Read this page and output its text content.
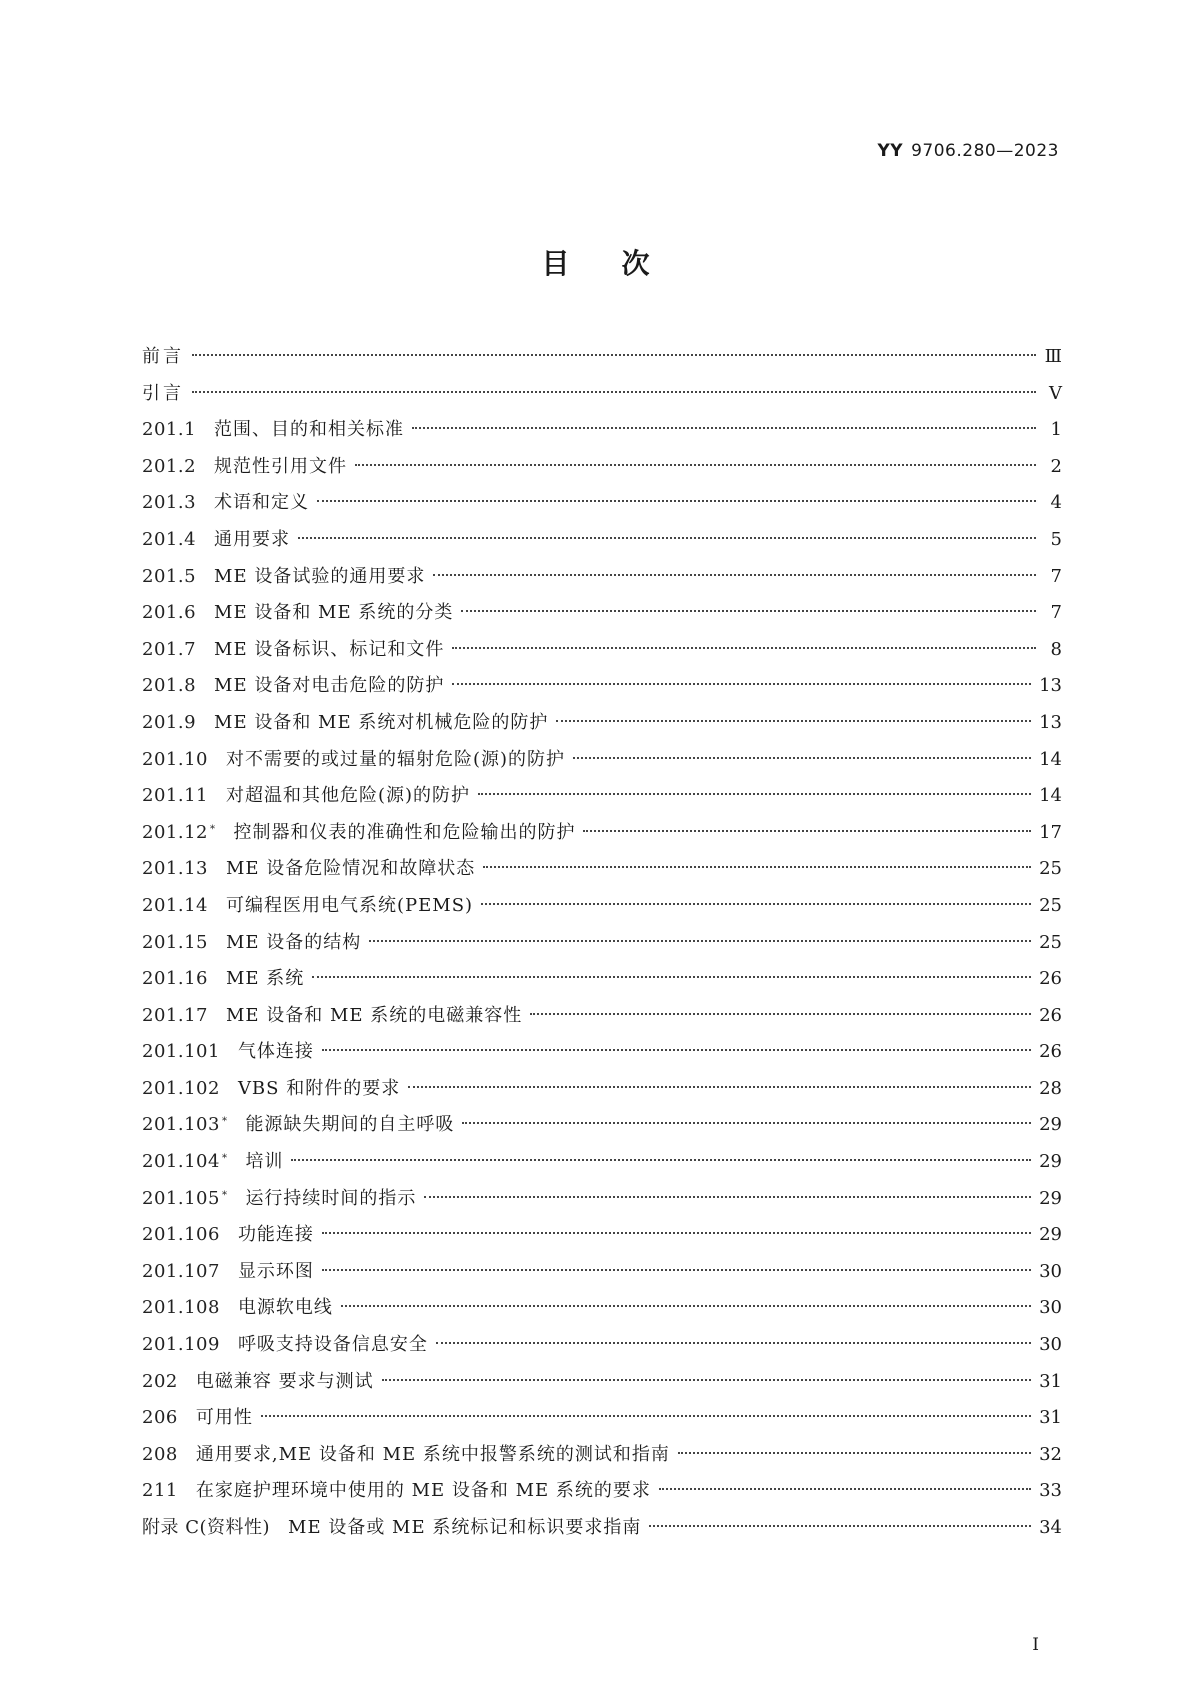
YY 9706.280—2023
目次
前言	Ⅲ
引言	Ⅴ
201.1 范围、目的和相关标准	1
201.2 规范性引用文件	2
201.3 术语和定义	4
201.4 通用要求	5
201.5 ME 设备试验的通用要求	7
201.6 ME 设备和 ME 系统的分类	7
201.7 ME 设备标识、标记和文件	8
201.8 ME 设备对电击危险的防护	13
201.9 ME 设备和 ME 系统对机械危险的防护	13
201.10 对不需要的或过量的辐射危险(源)的防护	14
201.11 对超温和其他危险(源)的防护	14
201.12 * 控制器和仪表的准确性和危险输出的防护	17
201.13 ME 设备危险情况和故障状态	25
201.14 可编程医用电气系统(PEMS)	25
201.15 ME 设备的结构	25
201.16 ME 系统	26
201.17 ME 设备和 ME 系统的电磁兼容性	26
201.101 气体连接	26
201.102 VBS 和附件的要求	28
201.103 * 能源缺失期间的自主呼吸	29
201.104 * 培训	29
201.105 * 运行持续时间的指示	29
201.106 功能连接	29
201.107 显示环图	30
201.108 电源软电线	30
201.109 呼吸支持设备信息安全	30
202 电磁兼容 要求与测试	31
206 可用性	31
208 通用要求,ME 设备和 ME 系统中报警系统的测试和指南	32
211 在家庭护理环境中使用的 ME 设备和 ME 系统的要求	33
附录 C(资料性) ME 设备或 ME 系统标记和标识要求指南	34
I
